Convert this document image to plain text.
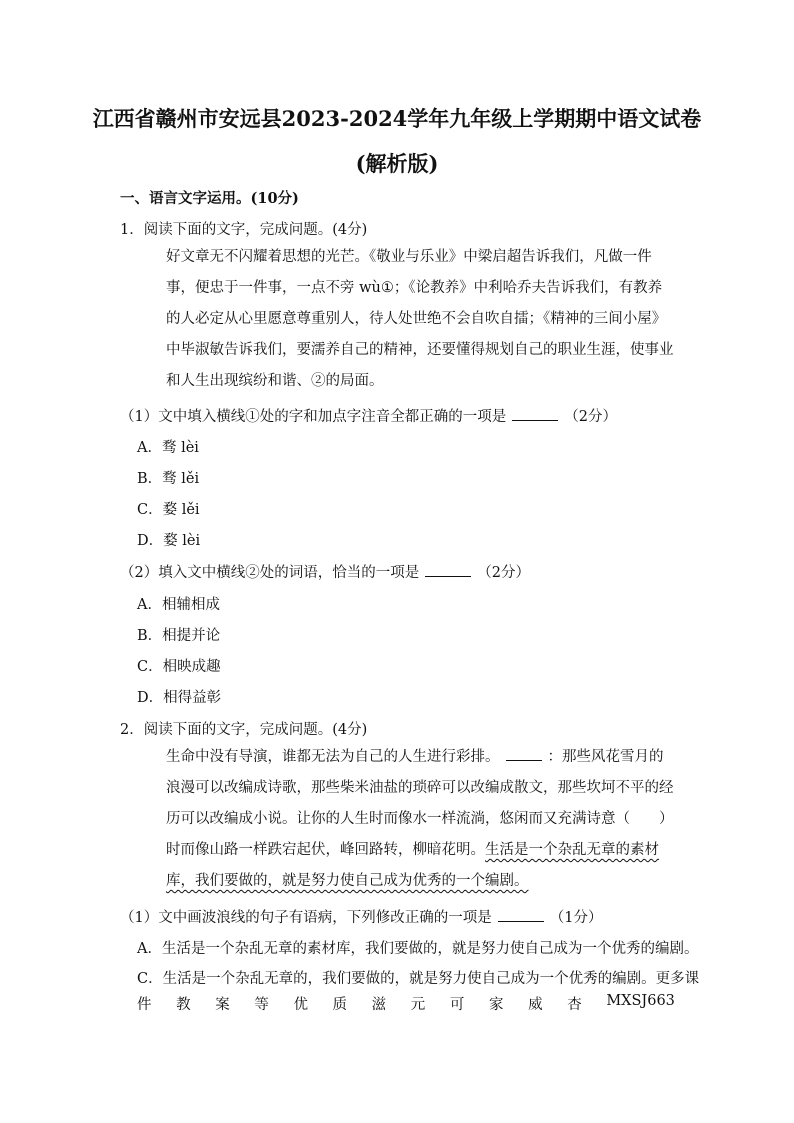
江西省赣州市安远县2023-2024学年九年级上学期期中语文试卷
(解析版)
一、语言文字运用。(10分)
1．阅读下面的文字，完成问题。(4分)
好文章无不闪耀着思想的光芒。《敬业与乐业》中梁启超告诉我们，凡做一件事，便忠于一件事，一点不旁 wù①；《论教养》中利哈乔夫告诉我们，有教养的人必定从心里愿意尊重别人，待人处世绝不会自吹自擂；《精神的三间小屋》中毕淑敏告诉我们，要濡养自己的精神，还要懂得规划自己的职业生涯，使事业和人生出现缤纷和谐、②的局面。
（1）文中填入横线①处的字和加点字注音全都正确的一项是	（2分）
A．骛 lèi
B．骛 lěi
C．婺 lěi
D．婺 lèi
（2）填入文中横线②处的词语，恰当的一项是	（2分）
A．相辅相成
B．相提并论
C．相映成趣
D．相得益彰
2．阅读下面的文字，完成问题。(4分)
生命中没有导演，谁都无法为自己的人生进行彩排。	：那些风花雪月的浪漫可以改编成诗歌，那些柴米油盐的琐碎可以改编成散文，那些坎坷不平的经历可以改编成小说。让你的人生时而像水一样流淌，悠闲而又充满诗意（　　）时而像山路一样跌宕起伏，峰回路转，柳暗花明。生活是一个杂乱无章的素材库，我们要做的，就是努力使自己成为优秀的一个编剧。
（1）文中画波浪线的句子有语病，下列修改正确的一项是	（1分）
A．生活是一个杂乱无章的素材库，我们要做的，就是努力使自己成为一个优秀的编剧。
C．生活是一个杂乱无章的，我们要做的，就是努力使自己成为一个优秀的编剧。更多课
件 教 案 等 优 质 滋 元 可 家 威 杏 MXSJ663
